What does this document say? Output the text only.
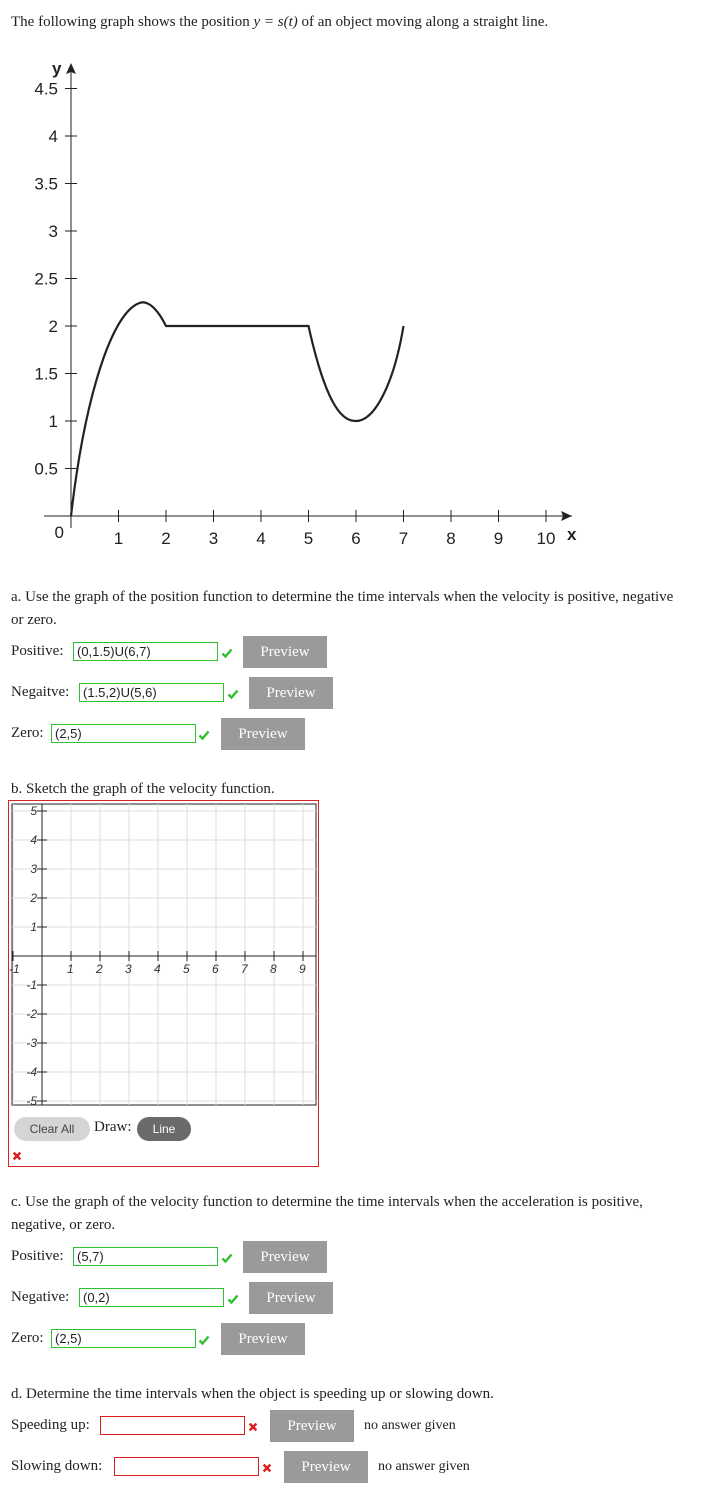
The following graph shows the position y = s(t) of an object moving along a straight line.
1 2 3 4 5 6 7 8 9 10
0.5
1
1.5
2
2.5
3
3.5
4
4.5
0	x
y
a. Use the graph of the position function to determine the time intervals when the velocity is positive, negative
or zero.
Positive:	(0,1.5)U(6,7)	Preview
Negaitve:	(1.5,2)U(5,6)	Preview
Zero: (2,5)	Preview
b. Sketch the graph of the velocity function.
-1	1 2 3 4 5 6 7 8 9
5
4
3
2
1
-1
-2
-3
-4
-5
Clear All	Draw:	Line
c. Use the graph of the velocity function to determine the time intervals when the acceleration is positive,
negative, or zero.
Positive:	(5,7)	Preview
Negative:	(0,2)	Preview
Zero: (2,5)	Preview
d. Determine the time intervals when the object is speeding up or slowing down.
Speeding up:	Preview	no answer given
Slowing down:	Preview	no answer given
